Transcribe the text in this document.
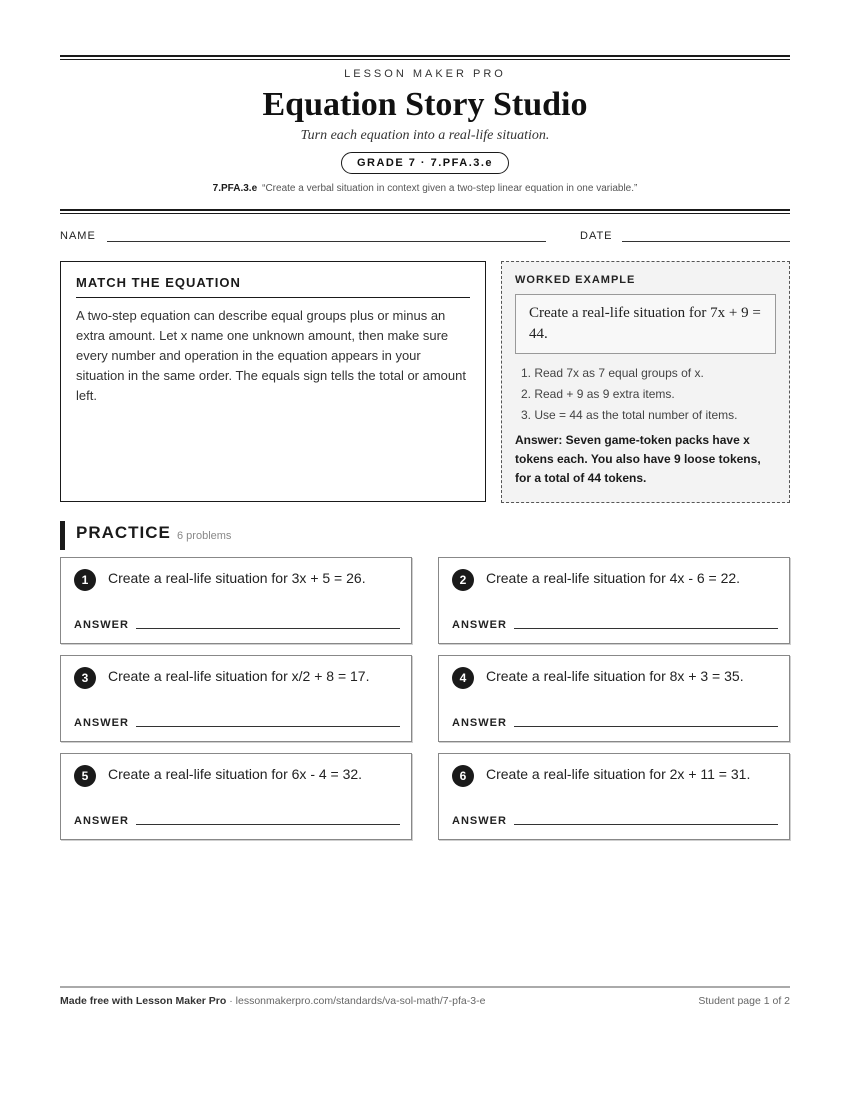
LESSON MAKER PRO
Equation Story Studio
Turn each equation into a real-life situation.
GRADE 7 · 7.PFA.3.e
7.PFA.3.e “Create a verbal situation in context given a two-step linear equation in one variable.”
NAME	DATE
MATCH THE EQUATION
A two-step equation can describe equal groups plus or minus an extra amount. Let x name one unknown amount, then make sure every number and operation in the equation appears in your situation in the same order. The equals sign tells the total or amount left.
WORKED EXAMPLE
Create a real-life situation for 7x + 9 = 44.
1. Read 7x as 7 equal groups of x.
2. Read + 9 as 9 extra items.
3. Use = 44 as the total number of items.
Answer: Seven game-token packs have x tokens each. You also have 9 loose tokens, for a total of 44 tokens.
PRACTICE 6 problems
1	Create a real-life situation for 3x + 5 = 26.
ANSWER
2	Create a real-life situation for 4x - 6 = 22.
ANSWER
3	Create a real-life situation for x/2 + 8 = 17.
ANSWER
4	Create a real-life situation for 8x + 3 = 35.
ANSWER
5	Create a real-life situation for 6x - 4 = 32.
ANSWER
6	Create a real-life situation for 2x + 11 = 31.
ANSWER
Made free with Lesson Maker Pro · lessonmakerpro.com/standards/va-sol-math/7-pfa-3-e	Student page 1 of 2
